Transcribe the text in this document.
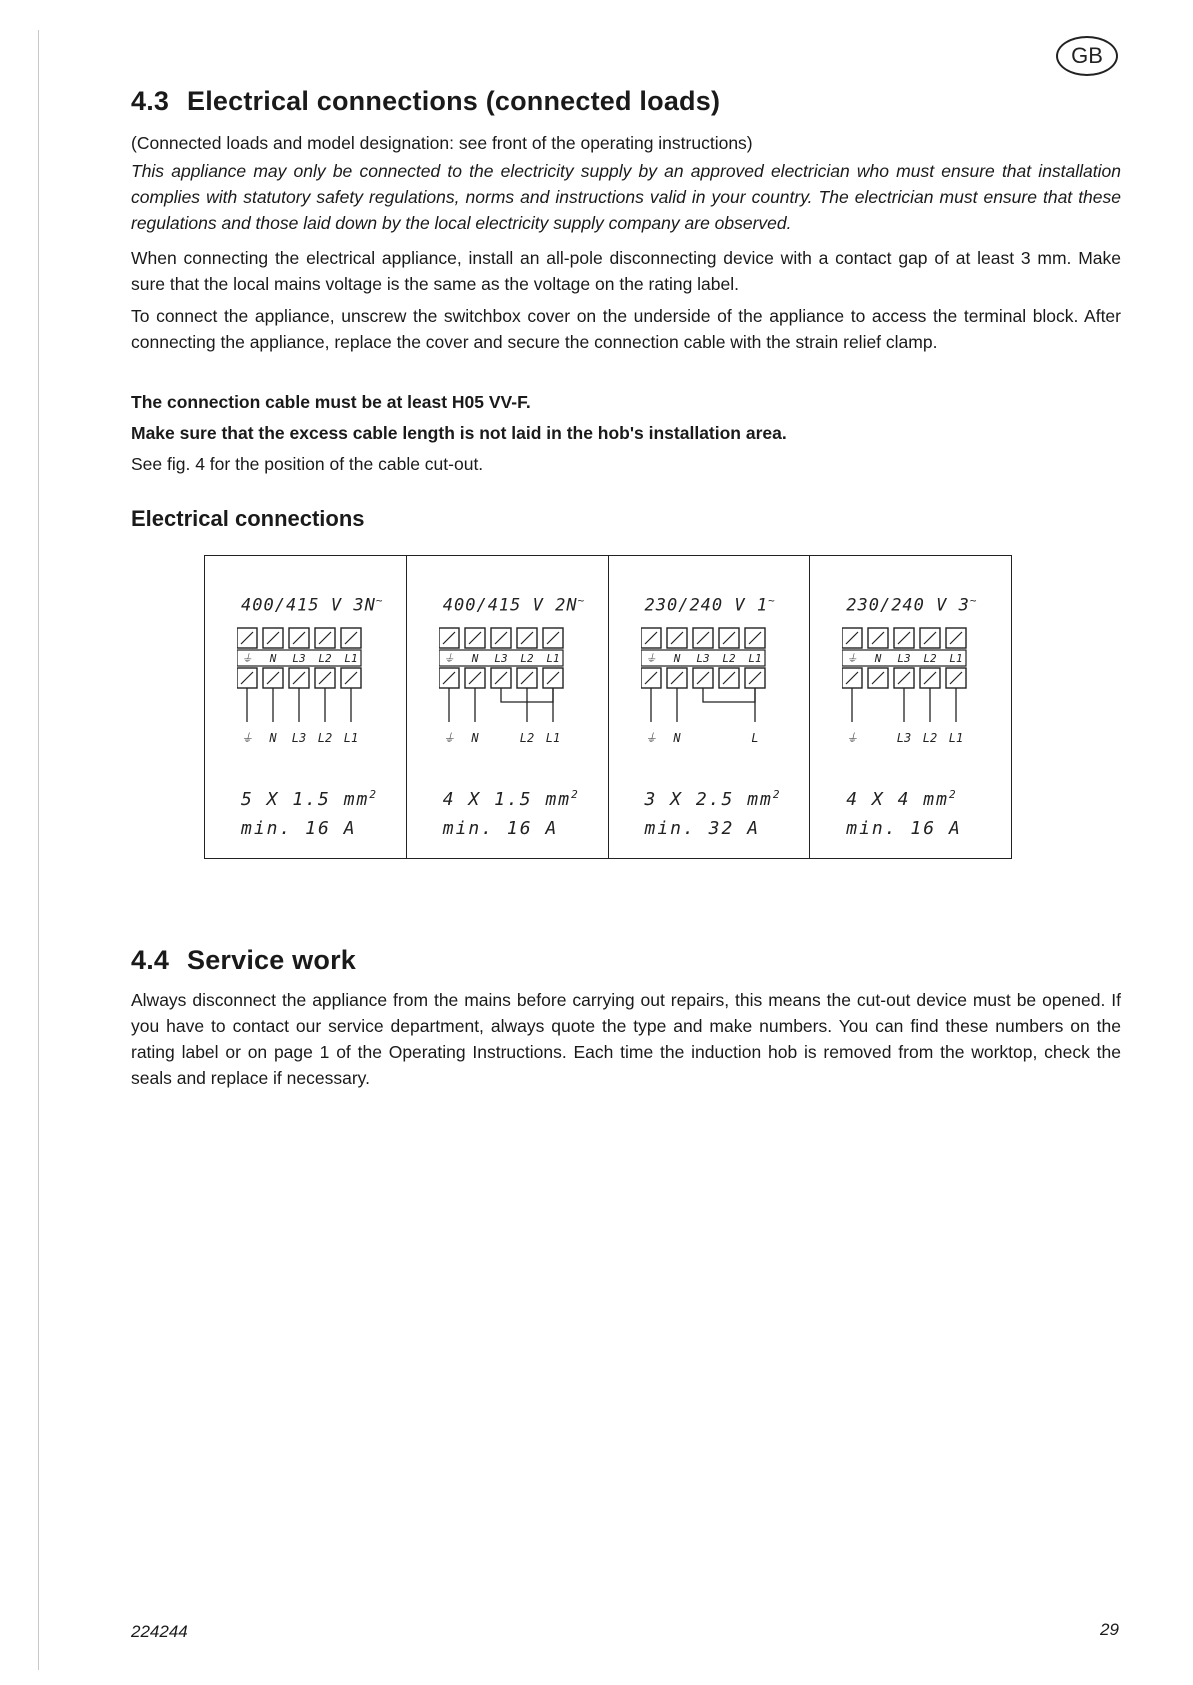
GB
4.3 Electrical connections (connected loads)

(Connected loads and model designation: see front of the operating instructions)

This appliance may only be connected to the electricity supply by an approved electrician who must ensure that installation complies with statutory safety regulations, norms and instructions valid in your country. The electrician must ensure that these regulations and those laid down by the local electricity supply company are observed.

When connecting the electrical appliance, install an all-pole disconnecting device with a contact gap of at least 3 mm. Make sure that the local mains voltage is the same as the voltage on the rating label.

To connect the appliance, unscrew the switchbox cover on the underside of the appliance to access the terminal block. After connecting the appliance, replace the cover and secure the connection cable with the strain relief clamp.

The connection cable must be at least H05 VV-F.

Make sure that the excess cable length is not laid in the hob's installation area.

See fig. 4 for the position of the cable cut-out.

Electrical connections
400/415 V 3N~
⏚ N L3 L2 L1
⏚ N L3 L2 L1
5 X 1.5 $mm^2$
min. 16 A
400/415 V 2N~
⏚ N L3 L2 L1
⏚ N	L2 L1
4 X 1.5 $mm^2$
min. 16 A
230/240 V 1~
⏚ N L3 L2 L1
⏚ N	L
3 X 2.5 $mm^2$
min. 32 A
230/240 V 3~
⏚ N L3 L2 L1
⏚	L3 L2 L1
4 X 4 $mm^2$
min. 16 A
4.4 Service work

Always disconnect the appliance from the mains before carrying out repairs, this means the cut-out device must be opened. If you have to contact our service department, always quote the type and make numbers. You can find these numbers on the rating label or on page 1 of the Operating Instructions. Each time the induction hob is removed from the worktop, check the seals and replace if necessary.

224244	29
